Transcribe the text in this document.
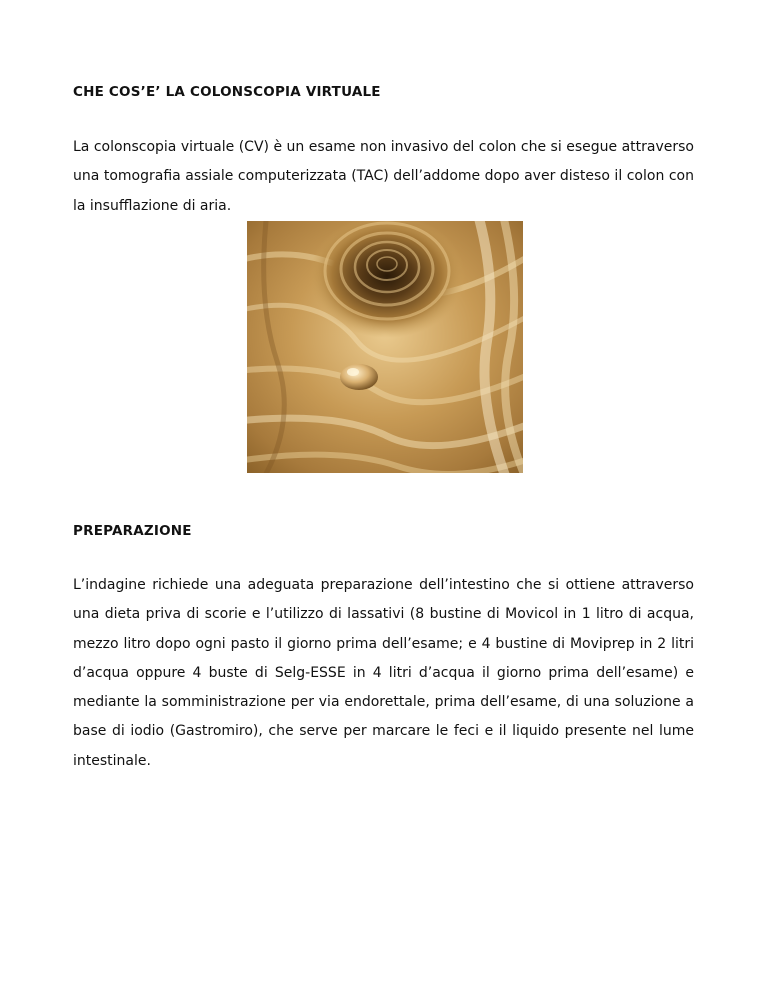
CHE COS’E’ LA COLONSCOPIA VIRTUALE

La colonscopia virtuale (CV) è un esame non invasivo del colon che si esegue attraverso una tomografia assiale computerizzata (TAC) dell’addome dopo aver disteso il colon con la insufflazione di aria.

PREPARAZIONE

L’indagine richiede una adeguata preparazione dell’intestino che si ottiene attraverso una dieta priva di scorie e l’utilizzo di lassativi (8 bustine di Movicol in 1 litro di acqua, mezzo litro dopo ogni pasto il giorno prima dell’esame; e 4 bustine di Moviprep in 2 litri d’acqua oppure 4 buste di Selg-ESSE in 4 litri d’acqua il giorno prima dell’esame) e mediante la somministrazione per via endorettale, prima dell’esame, di una soluzione a base di iodio (Gastromiro), che serve per marcare le feci e il liquido presente nel lume intestinale.
